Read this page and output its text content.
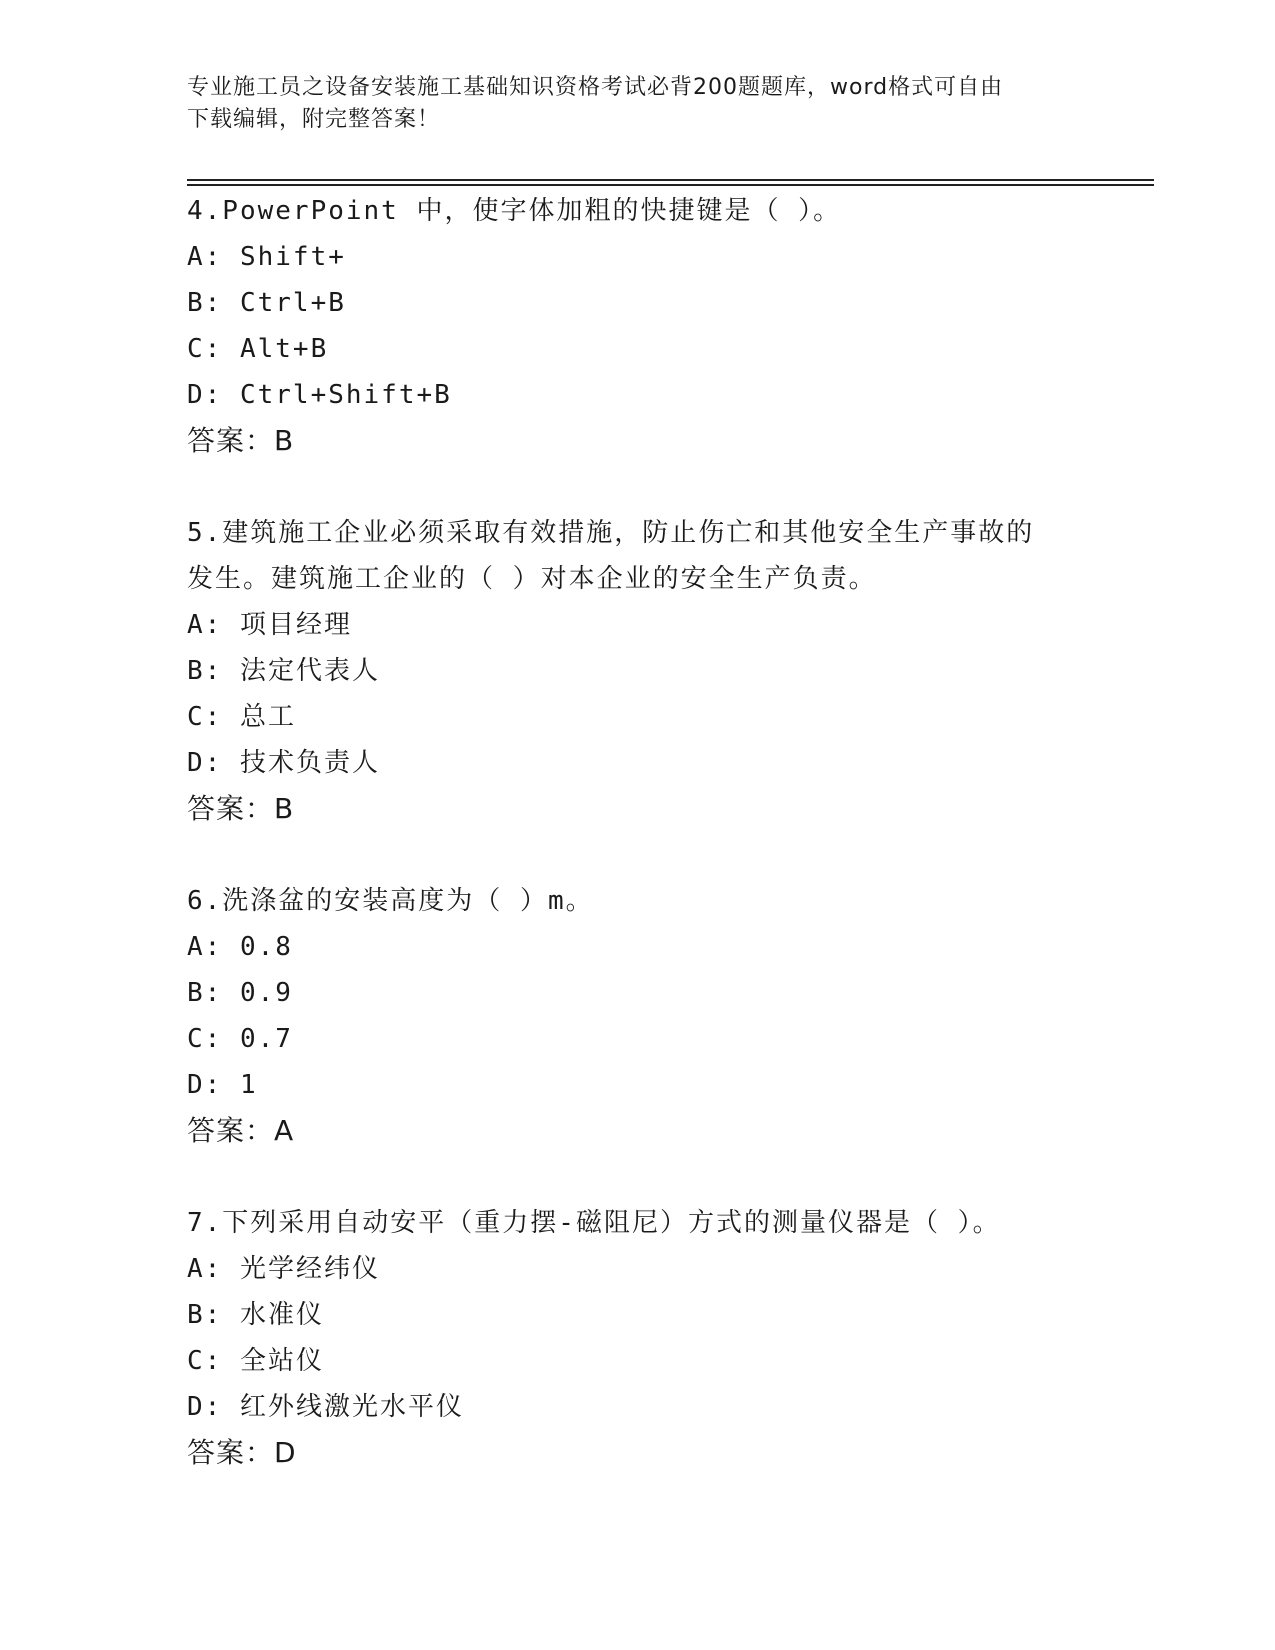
专业施工员之设备安装施工基础知识资格考试必背200题题库，word格式可自由
下载编辑，附完整答案！
4.PowerPoint 中，使字体加粗的快捷键是（ ）。
A: Shift+
B: Ctrl+B
C: Alt+B
D: Ctrl+Shift+B
答案：B
5.建筑施工企业必须采取有效措施，防止伤亡和其他安全生产事故的
发生。建筑施工企业的（ ）对本企业的安全生产负责。
A: 项目经理
B: 法定代表人
C: 总工
D: 技术负责人
答案：B
6.洗涤盆的安装高度为（ ）m。
A: 0.8
B: 0.9
C: 0.7
D: 1
答案：A
7.下列采用自动安平（重力摆-磁阻尼）方式的测量仪器是（ ）。
A: 光学经纬仪
B: 水准仪
C: 全站仪
D: 红外线激光水平仪
答案：D
